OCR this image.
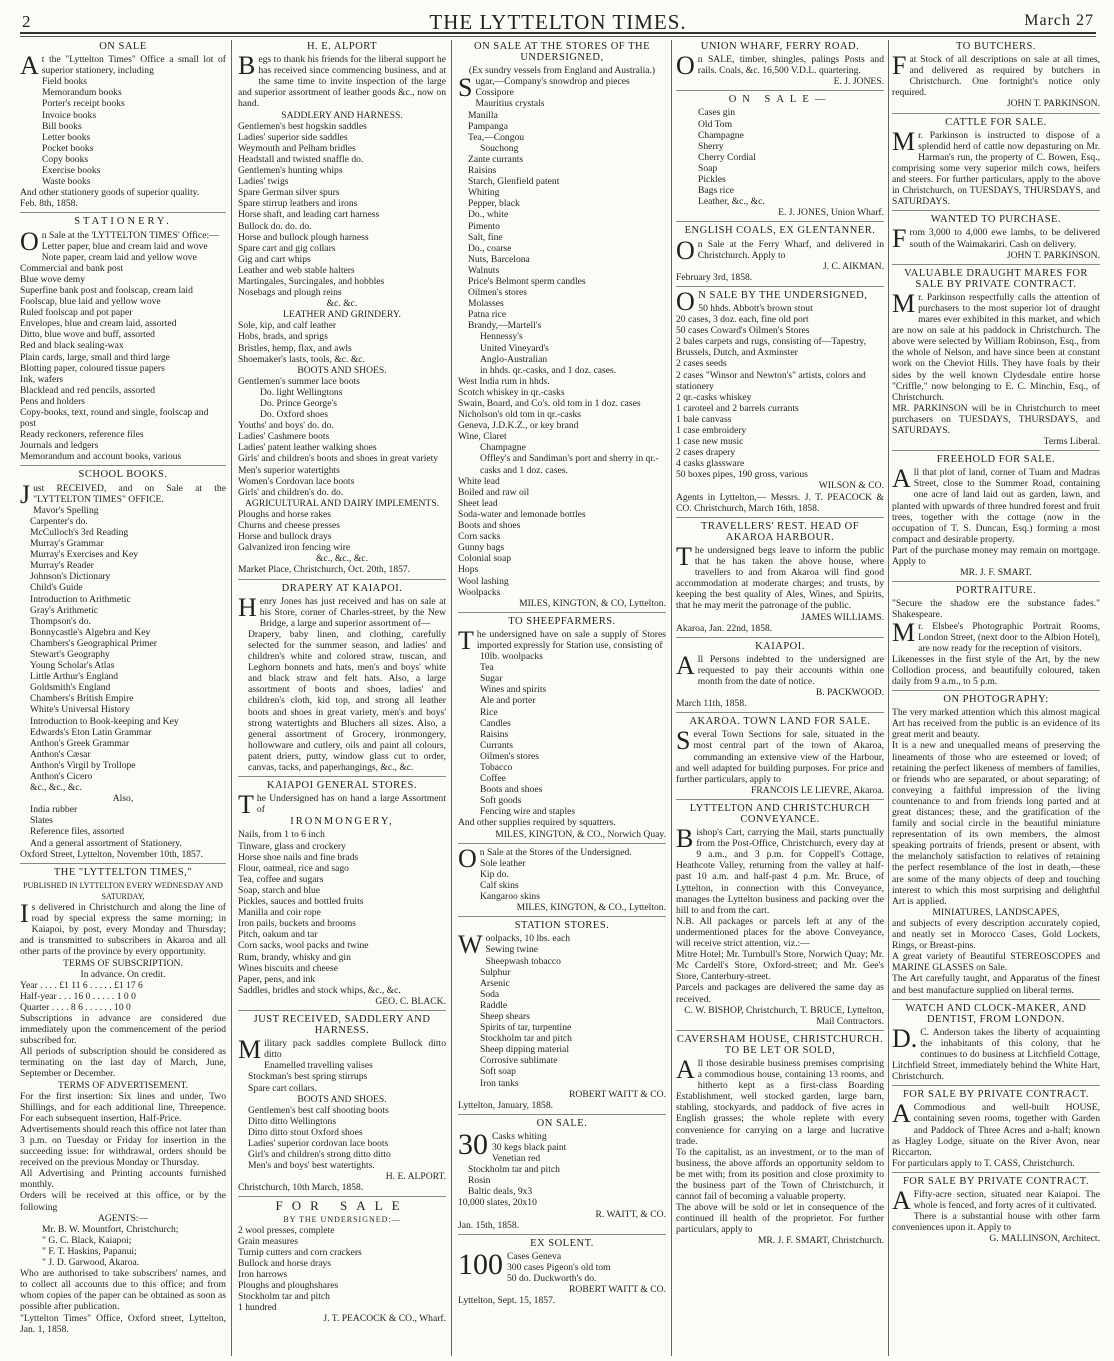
2	THE LYTTELTON TIMES.	March 27
ON SALE

At the "Lyttelton Times" Office a small lot of superior stationery, including

Field books
Memorandum books
Porter's receipt books
Invoice books
Bill books
Letter books
Pocket books
Copy books
Exercise books
Waste books

And other stationery goods of superior quality.

Feb. 8th, 1858.

STATIONERY.

On Sale at the 'LYTTELTON TIMES' Office:—

Letter paper, blue and cream laid and wove
Note paper, cream laid and yellow wove
Commercial and bank post
Blue wove demy
Superfine bank post and foolscap, cream laid
Foolscap, blue laid and yellow wove
Ruled foolscap and pot paper
Envelopes, blue and cream laid, assorted
Ditto, blue wove and buff, assorted
Red and black sealing-wax
Plain cards, large, small and third large
Blotting paper, coloured tissue papers
Ink, wafers
Blacklead and red pencils, assorted
Pens and holders
Copy-books, text, round and single, foolscap and post
Ready reckoners, reference files
Journals and ledgers
Memorandum and account books, various
SCHOOL BOOKS.

Just RECEIVED, and on Sale at the "LYTTELTON TIMES" OFFICE.

Mavor's Spelling
Carpenter's do.
McCulloch's 3rd Reading
Murray's Grammar
Murray's Exercises and Key
Murray's Reader
Johnson's Dictionary
Child's Guide
Introduction to Arithmetic
Gray's Arithmetic
Thompson's do.
Bonnycastle's Algebra and Key
Chambers's Geographical Primer
Stewart's Geography
Young Scholar's Atlas
Little Arthur's England
Goldsmith's England
Chambers's British Empire
White's Universal History
Introduction to Book-keeping and Key
Edwards's Eton Latin Grammar
Anthon's Greek Grammar
Anthon's Cæsar
Anthon's Virgil by Trollope
Anthon's Cicero
&c., &c., &c.
Also,
India rubber
Slates
Reference files, assorted
And a general assortment of Stationery.

Oxford Street, Lyttelton, November 10th, 1857.

THE "LYTTELTON TIMES,"
PUBLISHED IN LYTTELTON EVERY WEDNESDAY AND SATURDAY,

Is delivered in Christchurch and along the line of road by special express the same morning; in Kaiapoi, by post, every Monday and Thursday; and is transmitted to subscribers in Akaroa and all other parts of the province by every opportunity.

TERMS OF SUBSCRIPTION.
In advance. On credit.
Year . . . . £1 11 6 . . . . . £1 17 6
Half-year . . . 16 0 . . . . . 1 0 0
Quarter . . . . 8 6 . . . . . . 10 0

Subscriptions in advance are considered due immediately upon the commencement of the period subscribed for.

All periods of subscription should be considered as terminating on the last day of March, June, September or December.

TERMS OF ADVERTISEMENT.

For the first insertion: Six lines and under, Two Shillings, and for each additional line, Threepence. For each subsequent insertion, Half-Price.

Advertisements should reach this office not later than 3 p.m. on Tuesday or Friday for insertion in the succeeding issue: for withdrawal, orders should be received on the previous Monday or Thursday.

All Advertising and Printing accounts furnished monthly.

Orders will be received at this office, or by the following

AGENTS:—
Mr. B. W. Mountfort, Christchurch;
" G. C. Black, Kaiapoi;
" F. T. Haskins, Papanui;
" J. D. Garwood, Akaroa.

Who are authorised to take subscribers' names, and to collect all accounts due to this office; and from whom copies of the paper can be obtained as soon as possible after publication.

"Lyttelton Times" Office, Oxford street, Lyttelton, Jan. 1, 1858.

H. E. ALPORT

Begs to thank his friends for the liberal support he has received since commencing business, and at the same time to invite inspection of the large and superior assortment of leather goods &c., now on hand.

SADDLERY AND HARNESS.
Gentlemen's best hogskin saddles
Ladies' superior side saddles
Weymouth and Pelham bridles
Headstall and twisted snaffle do.
Gentlemen's hunting whips
Ladies' twigs
Spare German silver spurs
Spare stirrup leathers and irons
Horse shaft, and leading cart harness
Bullock do. do. do.
Horse and bullock plough harness
Spare cart and gig collars
Gig and cart whips
Leather and web stable halters
Martingales, Surcingales, and hobbles
Nosebags and plough reins
&c. &c.
LEATHER AND GRINDERY.
Sole, kip, and calf leather
Hobs, brads, and sprigs
Bristles, hemp, flax, and awls
Shoemaker's lasts, tools, &c. &c.
BOOTS AND SHOES.
Gentlemen's summer lace boots
Do. light Wellingtons
Do. Prince George's
Do. Oxford shoes
Youths' and boys' do. do.
Ladies' Cashmere boots
Ladies' patent leather walking shoes
Girls' and children's boots and shoes in great variety
Men's superior watertights
Women's Cordovan lace boots
Girls' and children's do. do.
AGRICULTURAL AND DAIRY IMPLEMENTS.
Ploughs and horse rakes
Churns and cheese presses
Horse and bullock drays
Galvanized iron fencing wire
&c., &c., &c.

Market Place, Christchurch, Oct. 20th, 1857.

DRAPERY AT KAIAPOI.

Henry Jones has just received and has on sale at his Store, corner of Charles-street, by the New Bridge, a large and superior assortment of—

Drapery, baby linen, and clothing, carefully selected for the summer season, and ladies' and children's white and colored straw, tuscan, and Leghorn bonnets and hats, men's and boys' white and black straw and felt hats. Also, a large assortment of boots and shoes, ladies' and children's cloth, kid top, and strong all leather boots and shoes in great variety, men's and boys' strong watertights and Bluchers all sizes. Also, a general assortment of Grocery, ironmongery, hollowware and cutlery, oils and paint all colours, patent driers, putty, window glass cut to order, canvas, tacks, and paperhangings, &c., &c.

KAIAPOI GENERAL STORES.

The Undersigned has on hand a large Assortment of

IRONMONGERY,
Nails, from 1 to 6 inch
Tinware, glass and crockery
Horse shoe nails and fine brads
Flour, oatmeal, rice and sago
Tea, coffee and sugars
Soap, starch and blue
Pickles, sauces and bottled fruits
Manilla and coir rope
Iron pails, buckets and brooms
Pitch, oakum and tar
Corn sacks, wool packs and twine
Rum, brandy, whisky and gin
Wines biscuits and cheese
Paper, pens, and ink
Saddles, bridles and stock whips, &c., &c.

GEO. C. BLACK.

JUST RECEIVED, SADDLERY AND HARNESS.

Military pack saddles complete Bullock ditto ditto

Enamelled travelling valises
Stockman's best spring stirrups
Spare cart collars.
BOOTS AND SHOES.
Gentlemen's best calf shooting boots
Ditto ditto Wellingtons
Ditto ditto stout Oxford shoes
Ladies' superior cordovan lace boots
Girl's and children's strong ditto ditto
Men's and boys' best watertights.

H. E. ALPORT.

Christchurch, 10th March, 1858.

FOR SALE
BY THE UNDERSIGNED:—
2 wool presses, complete
Grain measures
Turnip cutters and corn crackers
Bullock and horse drays
Iron harrows
Ploughs and ploughshares
Stockholm tar and pitch
1 hundred

J. T. PEACOCK & CO., Wharf.

ON SALE AT THE STORES OF THE UNDERSIGNED,
(Ex sundry vessels from England and Australia.)

Sugar,—Company's snowdrop and pieces

Cossipore
Mauritius crystals
Manilla
Pampanga
Tea,—Congou
Souchong
Zante currants
Raisins
Starch, Glenfield patent
Whiting
Pepper, black
Do., white
Pimento
Salt, fine
Do., coarse
Nuts, Barcelona
Walnuts
Price's Belmont sperm candles
Oilmen's stores
Molasses
Patna rice
Brandy,—Martell's
Hennessy's
United Vineyard's
Anglo-Australian
in hhds. qr.-casks, and 1 doz. cases.
West India rum in hhds.
Scotch whiskey in qr.-casks
Swain, Board, and Co's. old tom in 1 doz. cases
Nicholson's old tom in qr.-casks
Geneva, J.D.K.Z., or key brand
Wine, Claret
Champagne
Offley's and Sandiman's port and sherry in qr.-casks and 1 doz. cases.
White lead
Boiled and raw oil
Sheet lead
Soda-water and lemonade bottles
Boots and shoes
Corn sacks
Gunny bags
Colonial soap
Hops
Wool lashing
Woolpacks

MILES, KINGTON, & CO, Lyttelton.

TO SHEEPFARMERS.

The undersigned have on sale a supply of Stores imported expressly for Station use, consisting of

10lb. woolpacks
Tea
Sugar
Wines and spirits
Ale and porter
Rice
Candles
Raisins
Currants
Oilmen's stores
Tobacco
Coffee
Boots and shoes
Soft goods
Fencing wire and staples
And other supplies required by squatters.

MILES, KINGTON, & CO., Norwich Quay.

On Sale at the Stores of the Undersigned.

Sole leather
Kip do.
Calf skins
Kangaroo skins

MILES, KINGTON, & CO., Lyttelton.

STATION STORES.

Woolpacks, 10 lbs. each

Sewing twine
Sheepwash tobacco
Sulphur
Arsenic
Soda
Raddle
Sheep shears
Spirits of tar, turpentine
Stockholm tar and pitch
Sheep dipping material
Corrosive sublimate
Soft soap
Iron tanks

ROBERT WAITT & CO.

Lyttelton, January, 1858.

ON SALE.
30 Casks whiting
30 kegs black paint
Venetian red
Stockholm tar and pitch
Rosin
Baltic deals, 9x3
10,000 slates, 20x10

R. WAITT, & CO.

Jan. 15th, 1858.

EX SOLENT.
100 Cases Geneva
300 cases Pigeon's old tom
50 do. Duckworth's do.

ROBERT WAITT & CO.

Lyttelton, Sept. 15, 1857.

UNION WHARF, FERRY ROAD.

On SALE, timber, shingles, palings Posts and rails. Coals, &c. 16,500 V.D.L. quartering.

E. J. JONES.

ON SALE—
Cases gin
Old Tom
Champagne
Sherry
Cherry Cordial
Soap
Pickles
Bags rice
Leather, &c., &c.

E. J. JONES, Union Wharf.

ENGLISH COALS, EX GLENTANNER.

On Sale at the Ferry Wharf, and delivered in Christchurch. Apply to

J. C. AIKMAN.

February 3rd, 1858.

ON SALE BY THE UNDERSIGNED,
50 hhds. Abbott's brown stout
20 cases, 3 doz. each, fine old port
50 cases Coward's Oilmen's Stores
2 bales carpets and rugs, consisting of—Tapestry, Brussels, Dutch, and Axminster
2 cases seeds
2 cases "Winsor and Newton's" artists, colors and stationery
2 qr.-casks whiskey
1 caroteel and 2 barrels currants
1 bale canvass
1 case embroidery
1 case new music
2 cases drapery
4 casks glassware
50 boxes pipes, 190 gross, various

WILSON & CO.

Agents in Lyttelton,— Messrs. J. T. PEACOCK & CO. Christchurch, March 16th, 1858.

TRAVELLERS' REST. HEAD OF AKAROA HARBOUR.

The undersigned begs leave to inform the public that he has taken the above house, where travellers to and from Akaroa will find good accommodation at moderate charges; and trusts, by keeping the best quality of Ales, Wines, and Spirits, that he may merit the patronage of the public.

JAMES WILLIAMS.

Akaroa, Jan. 22nd, 1858.

KAIAPOI.

All Persons indebted to the undersigned are requested to pay their accounts within one month from the date of notice.

B. PACKWOOD.

March 11th, 1858.

AKAROA. TOWN LAND FOR SALE.

Several Town Sections for sale, situated in the most central part of the town of Akaroa, commanding an extensive view of the Harbour, and well adapted for building purposes. For price and further particulars, apply to

FRANCOIS LE LIEVRE, Akaroa.

LYTTELTON AND CHRISTCHURCH CONVEYANCE.

Bishop's Cart, carrying the Mail, starts punctually from the Post-Office, Christchurch, every day at 9 a.m., and 3 p.m. for Coppell's Cottage, Heathcote Valley, returning from the valley at half-past 10 a.m. and half-past 4 p.m. Mr. Bruce, of Lyttelton, in connection with this Conveyance, manages the Lyttelton business and packing over the hill to and from the cart.

N.B. All packages or parcels left at any of the undermentioned places for the above Conveyance, will receive strict attention, viz.:—

Mitre Hotel; Mr. Turnbull's Store, Norwich Quay; Mr. Mc Cardell's Store, Oxford-street; and Mr. Gee's Store, Canterbury-street.

Parcels and packages are delivered the same day as received.

C. W. BISHOP, Christchurch, T. BRUCE, Lyttelton, Mail Contractors.

CAVERSHAM HOUSE, CHRISTCHURCH. TO BE LET OR SOLD,

All those desirable business premises comprising a commodious house, containing 13 rooms, and hitherto kept as a first-class Boarding Establishment, well stocked garden, large barn, stabling, stockyards, and paddock of five acres in English grasses; the whole replete with every convenience for carrying on a large and lucrative trade.

To the capitalist, as an investment, or to the man of business, the above affords an opportunity seldom to be met with; from its position and close proximity to the business part of the Town of Christchurch, it cannot fail of becoming a valuable property.

The above will be sold or let in consequence of the continued ill health of the proprietor. For further particulars, apply to

MR. J. F. SMART, Christchurch.

TO BUTCHERS.

Fat Stock of all descriptions on sale at all times, and delivered as required by butchers in Christchurch. One fortnight's notice only required.

JOHN T. PARKINSON.

CATTLE FOR SALE.

Mr. Parkinson is instructed to dispose of a splendid herd of cattle now depasturing on Mr. Harman's run, the property of C. Bowen, Esq., comprising some very superior milch cows, heifers and steers. For further particulars, apply to the above in Christchurch, on TUESDAYS, THURSDAYS, and SATURDAYS.

WANTED TO PURCHASE.

From 3,000 to 4,000 ewe lambs, to be delivered south of the Waimakariri. Cash on delivery.

JOHN T. PARKINSON.

VALUABLE DRAUGHT MARES FOR SALE BY PRIVATE CONTRACT.

Mr. Parkinson respectfully calls the attention of purchasers to the most superior lot of draught mares ever exhibited in this market, and which are now on sale at his paddock in Christchurch. The above were selected by William Robinson, Esq., from the whole of Nelson, and have since been at constant work on the Cheviot Hills. They have foals by their sides by the well known Clydesdale entire horse "Criffle," now belonging to E. C. Minchin, Esq., of Christchurch.

MR. PARKINSON will be in Christchurch to meet purchasers on TUESDAYS, THURSDAYS, and SATURDAYS.

Terms Liberal.

FREEHOLD FOR SALE.

All that plot of land, corner of Tuam and Madras Street, close to the Summer Road, containing one acre of land laid out as garden, lawn, and planted with upwards of three hundred forest and fruit trees, together with the cottage (now in the occupation of T. S. Duncan, Esq.) forming a most compact and desirable property.

Part of the purchase money may remain on mortgage. Apply to

MR. J. F. SMART.

PORTRAITURE.

"Secure the shadow ere the substance fades." Shakespeare.

Mr. Elsbee's Photographic Portrait Rooms, London Street, (next door to the Albion Hotel), are now ready for the reception of visitors.

Likenesses in the first style of the Art, by the new Collodion process, and beautifully coloured, taken daily from 9 a.m., to 5 p.m.

ON PHOTOGRAPHY:

The very marked attention which this almost magical Art has received from the public is an evidence of its great merit and beauty.

It is a new and unequalled means of preserving the lineaments of those who are esteemed or loved; of retaining the perfect likeness of members of families, or friends who are separated, or about separating; of conveying a faithful impression of the living countenance to and from friends long parted and at great distances; these, and the gratification of the family and social circle in the beautiful miniature representation of its own members, the almost speaking portraits of friends, present or absent, with the melancholy satisfaction to relatives of retaining the perfect resemblance of the lost in death,—these are some of the many objects of deep and touching interest to which this most surprising and delightful Art is applied.

MINIATURES, LANDSCAPES,

and subjects of every description accurately copied, and neatly set in Morocco Cases, Gold Lockets, Rings, or Breast-pins.

A great variety of Beautiful STEREOSCOPES and MARINE GLASSES on Sale.

The Art carefully taught, and Apparatus of the finest and best manufacture supplied on liberal terms.

WATCH AND CLOCK-MAKER, AND DENTIST, FROM LONDON.

D.C. Anderson takes the liberty of acquainting the inhabitants of this colony, that he continues to do business at Litchfield Cottage, Litchfield Street, immediately behind the White Hart, Christchurch.

FOR SALE BY PRIVATE CONTRACT.

ACommodious and well-built HOUSE, containing seven rooms, together with Garden and Paddock of Three Acres and a-half; known as Hagley Lodge, situate on the River Avon, near Riccarton.

For particulars apply to T. CASS, Christchurch.

FOR SALE BY PRIVATE CONTRACT.

AFifty-acre section, situated near Kaiapoi. The whole is fenced, and forty acres of it cultivated.

There is a substantial house with other farm conveniences upon it. Apply to

G. MALLINSON, Architect.
